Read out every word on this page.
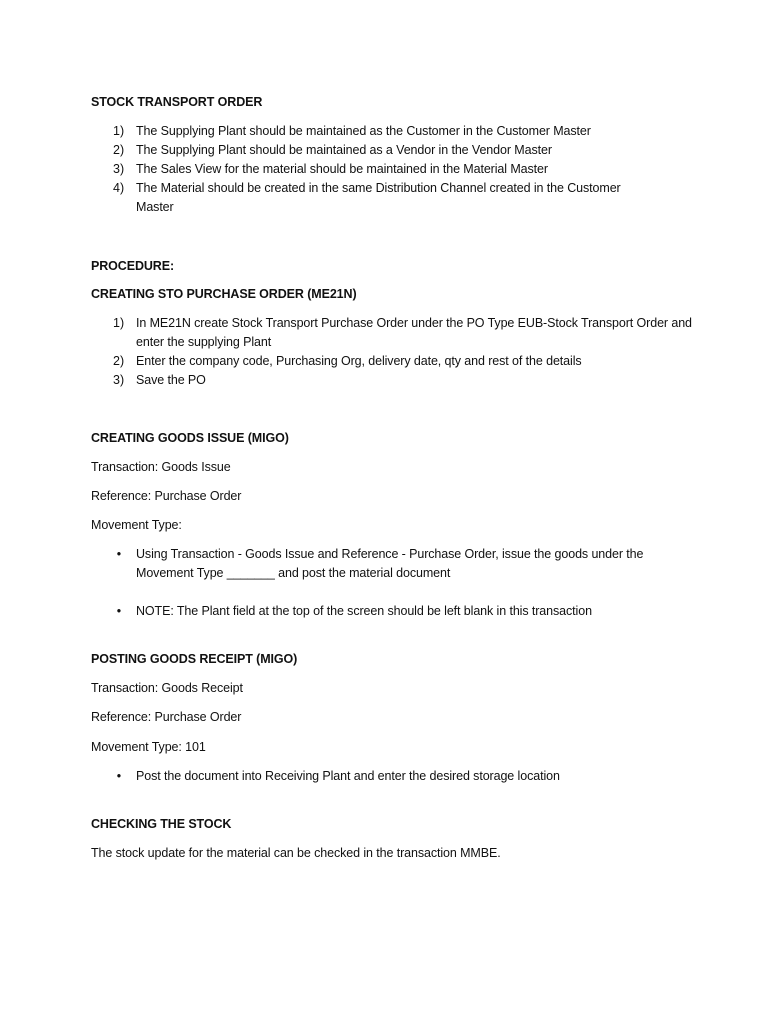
STOCK TRANSPORT ORDER
1) The Supplying Plant should be maintained as the Customer in the Customer Master
2) The Supplying Plant should be maintained as a Vendor in the Vendor Master
3) The Sales View for the material should be maintained in the Material Master
4) The Material should be created in the same Distribution Channel created in the Customer Master
PROCEDURE:
CREATING STO PURCHASE ORDER (ME21N)
1) In ME21N create Stock Transport Purchase Order under the PO Type EUB-Stock Transport Order and enter the supplying Plant
2) Enter the company code, Purchasing Org, delivery date, qty and rest of the details
3) Save the PO
CREATING GOODS ISSUE (MIGO)
Transaction: Goods Issue
Reference: Purchase Order
Movement Type:
•	Using Transaction - Goods Issue and Reference - Purchase Order, issue the goods under the Movement Type _______ and post the material document
•	NOTE: The Plant field at the top of the screen should be left blank in this transaction
POSTING GOODS RECEIPT (MIGO)
Transaction: Goods Receipt
Reference: Purchase Order
Movement Type: 101
•	Post the document into Receiving Plant and enter the desired storage location
CHECKING THE STOCK
The stock update for the material can be checked in the transaction MMBE.
